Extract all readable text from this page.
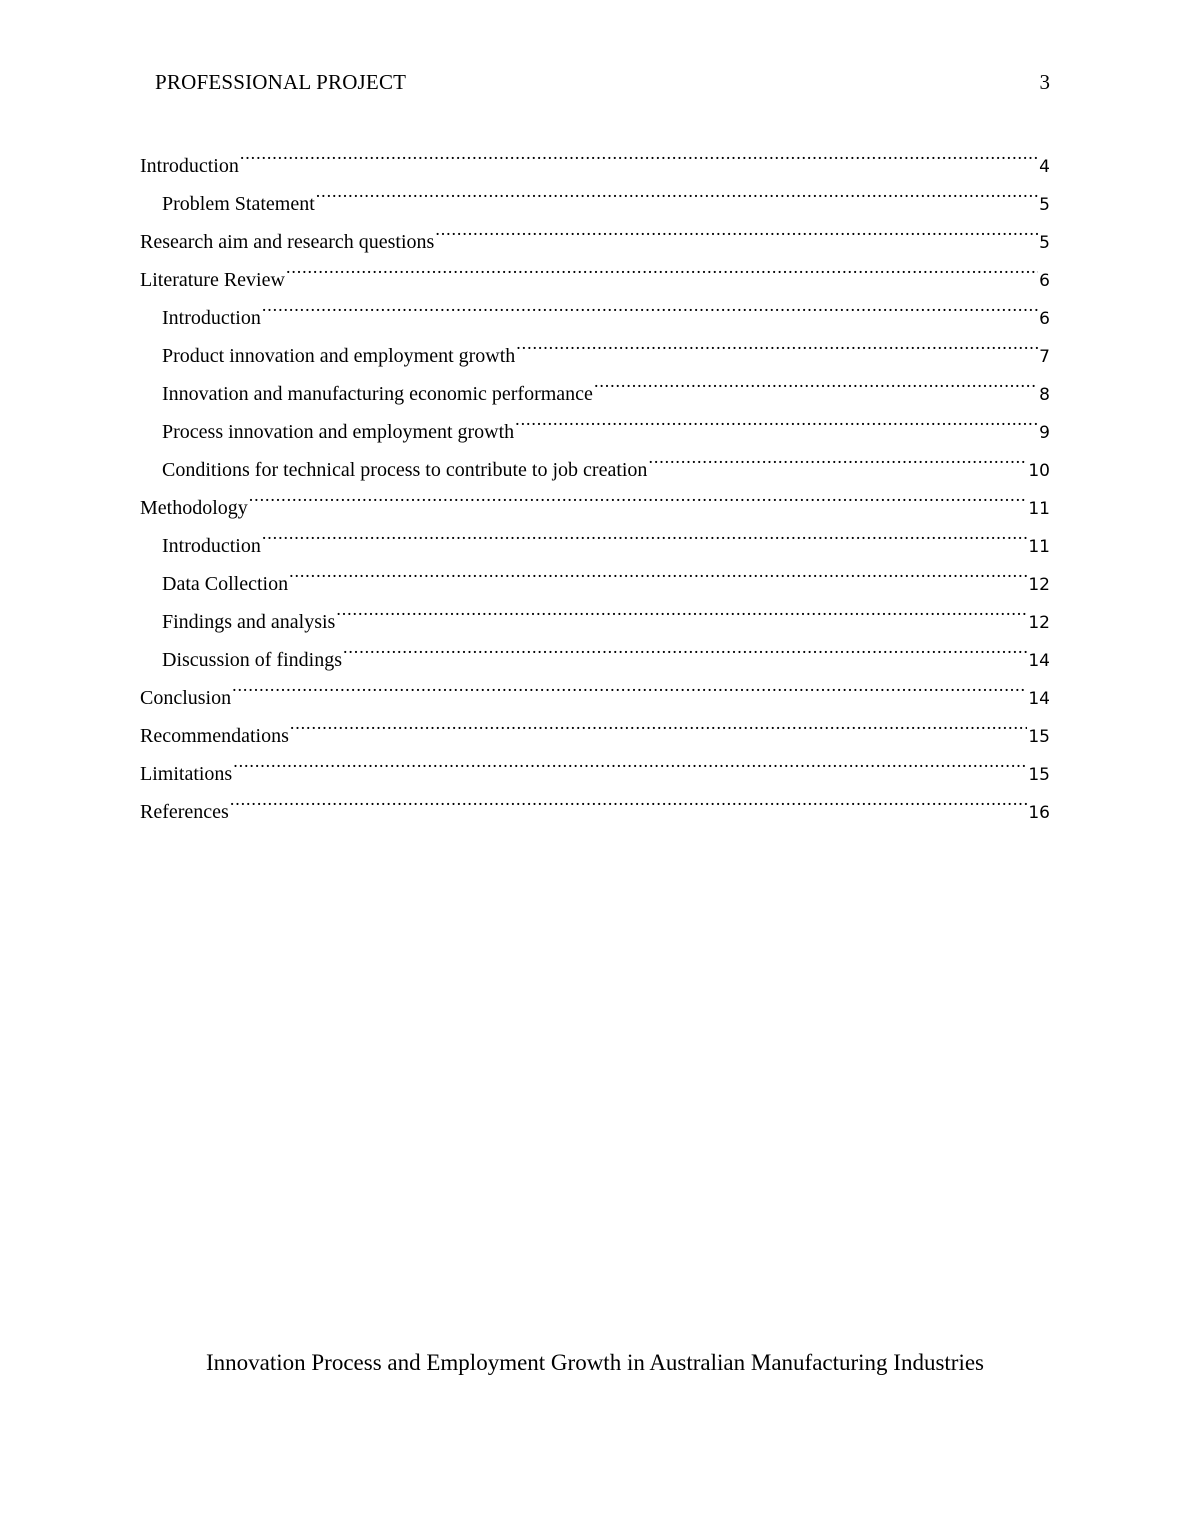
PROFESSIONAL PROJECT	3
Introduction .....	4
Problem Statement .....	5
Research aim and research questions .....	5
Literature Review .....	6
Introduction .....	6
Product innovation and employment growth .....	7
Innovation and manufacturing economic performance .....	8
Process innovation and employment growth .....	9
Conditions for technical process to contribute to job creation .....	10
Methodology .....	11
Introduction .....	11
Data Collection .....	12
Findings and analysis .....	12
Discussion of findings .....	14
Conclusion .....	14
Recommendations .....	15
Limitations .....	15
References .....	16
Innovation Process and Employment Growth in Australian Manufacturing Industries
